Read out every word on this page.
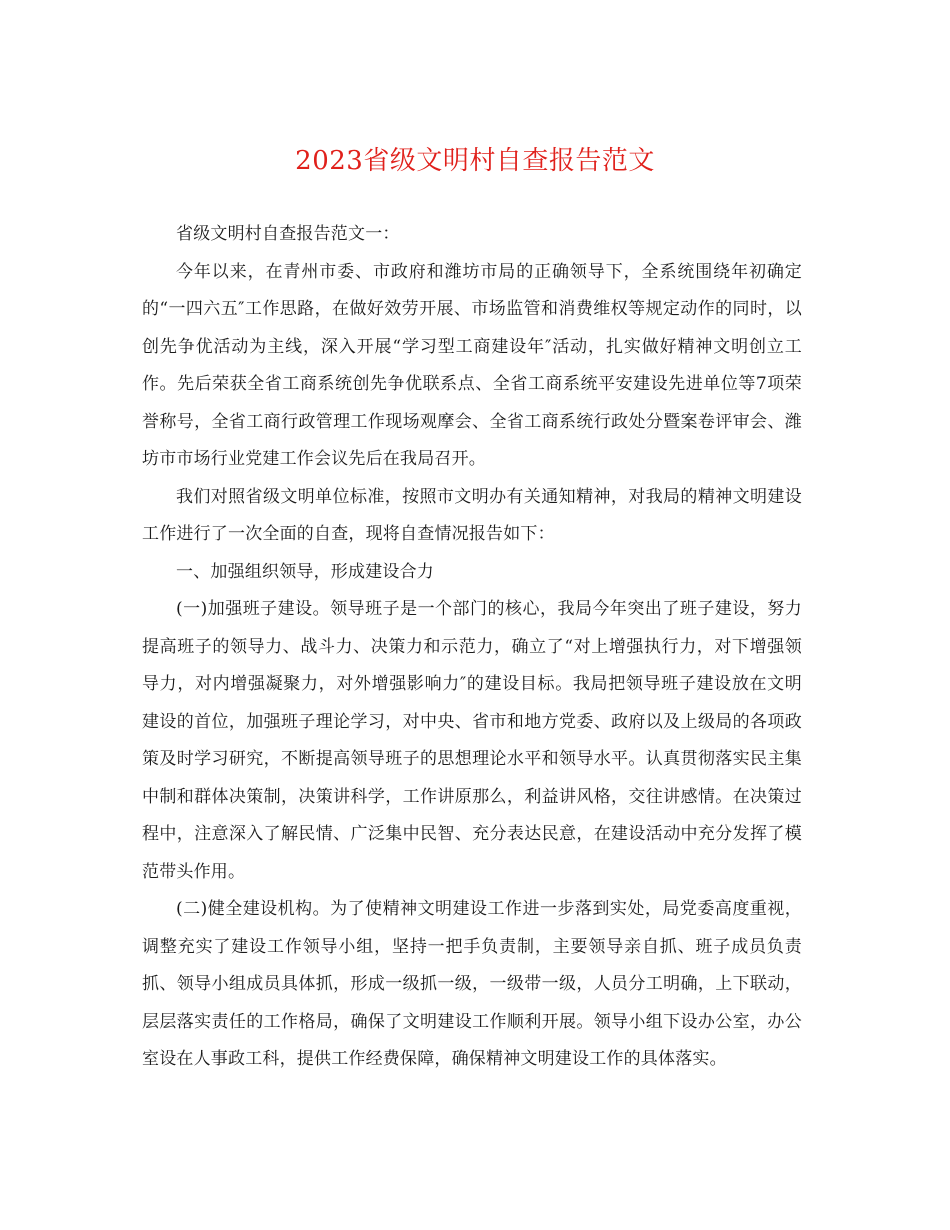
2023省级文明村自查报告范文

省级文明村自查报告范文一：

今年以来，在青州市委、市政府和潍坊市局的正确领导下，全系统围绕年初确定的“一四六五″工作思路，在做好效劳开展、市场监管和消费维权等规定动作的同时，以创先争优活动为主线，深入开展“学习型工商建设年″活动，扎实做好精神文明创立工作。先后荣获全省工商系统创先争优联系点、全省工商系统平安建设先进单位等7项荣誉称号，全省工商行政管理工作现场观摩会、全省工商系统行政处分暨案卷评审会、潍坊市市场行业党建工作会议先后在我局召开。

我们对照省级文明单位标准，按照市文明办有关通知精神，对我局的精神文明建设工作进行了一次全面的自查，现将自查情况报告如下：

一、加强组织领导，形成建设合力

(一)加强班子建设。领导班子是一个部门的核心，我局今年突出了班子建设，努力提高班子的领导力、战斗力、决策力和示范力，确立了“对上增强执行力，对下增强领导力，对内增强凝聚力，对外增强影响力″的建设目标。我局把领导班子建设放在文明建设的首位，加强班子理论学习，对中央、省市和地方党委、政府以及上级局的各项政策及时学习研究，不断提高领导班子的思想理论水平和领导水平。认真贯彻落实民主集中制和群体决策制，决策讲科学，工作讲原那么，利益讲风格，交往讲感情。在决策过程中，注意深入了解民情、广泛集中民智、充分表达民意，在建设活动中充分发挥了模范带头作用。

(二)健全建设机构。为了使精神文明建设工作进一步落到实处，局党委高度重视，调整充实了建设工作领导小组，坚持一把手负责制，主要领导亲自抓、班子成员负责抓、领导小组成员具体抓，形成一级抓一级，一级带一级，人员分工明确，上下联动，层层落实责任的工作格局，确保了文明建设工作顺利开展。领导小组下设办公室，办公室设在人事政工科，提供工作经费保障，确保精神文明建设工作的具体落实。
